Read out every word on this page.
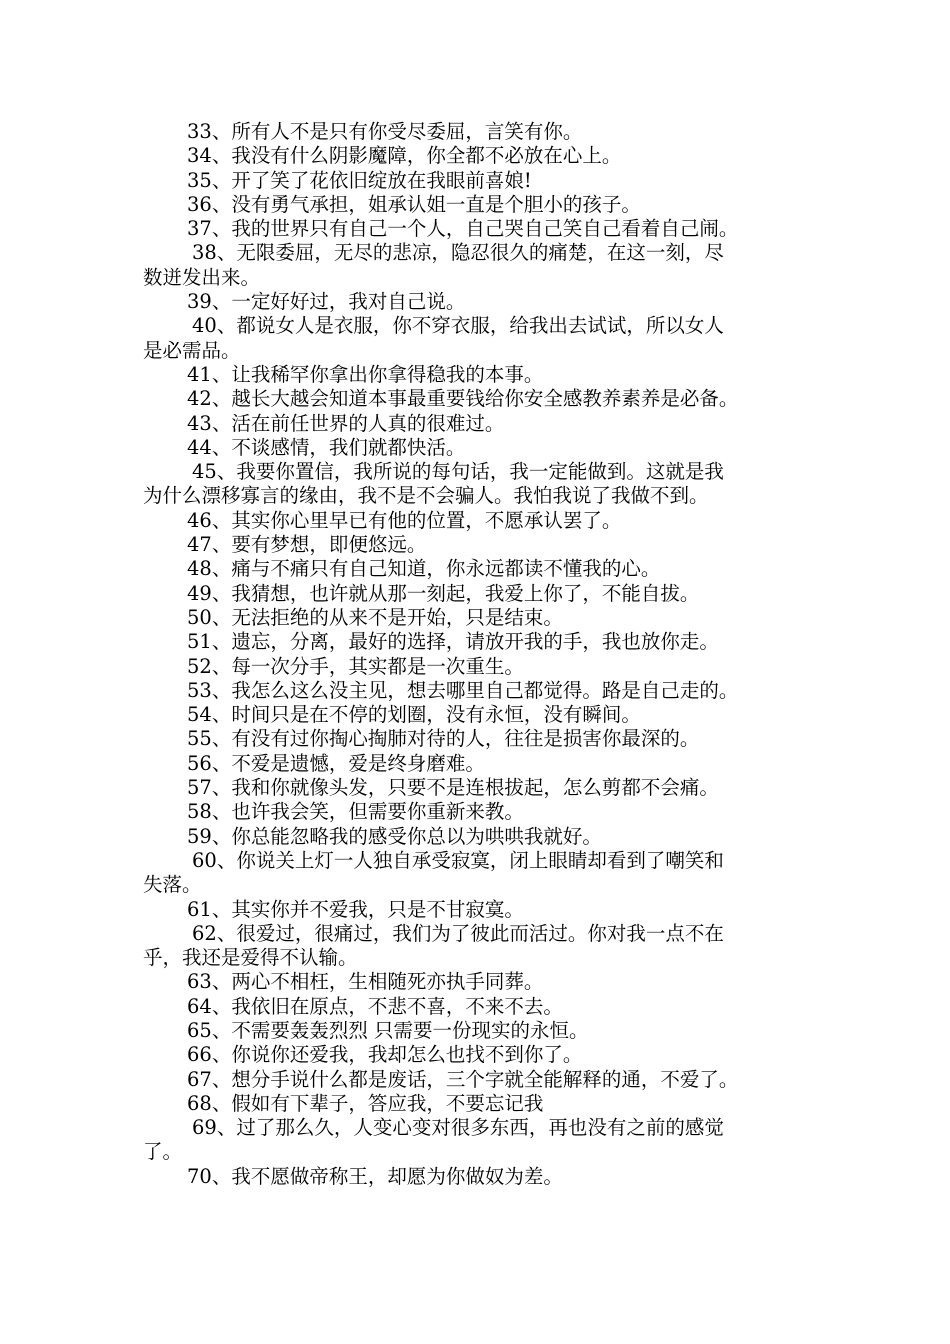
33、所有人不是只有你受尽委屈，言笑有你。
34、我没有什么阴影魔障，你全都不必放在心上。
35、开了笑了花依旧绽放在我眼前喜娘!
36、没有勇气承担，姐承认姐一直是个胆小的孩子。
37、我的世界只有自己一个人，自己哭自己笑自己看着自己闹。
38、无限委屈，无尽的悲凉，隐忍很久的痛楚，在这一刻，尽
数迸发出来。
39、一定好好过，我对自己说。
40、都说女人是衣服，你不穿衣服，给我出去试试，所以女人
是必需品。
41、让我稀罕你拿出你拿得稳我的本事。
42、越长大越会知道本事最重要钱给你安全感教养素养是必备。
43、活在前任世界的人真的很难过。
44、不谈感情，我们就都快活。
45、我要你置信，我所说的每句话，我一定能做到。这就是我
为什么漂移寡言的缘由，我不是不会骗人。我怕我说了我做不到。
46、其实你心里早已有他的位置，不愿承认罢了。
47、要有梦想，即便悠远。
48、痛与不痛只有自己知道，你永远都读不懂我的心。
49、我猜想，也许就从那一刻起，我爱上你了，不能自拔。
50、无法拒绝的从来不是开始，只是结束。
51、遗忘，分离，最好的选择，请放开我的手，我也放你走。
52、每一次分手，其实都是一次重生。
53、我怎么这么没主见，想去哪里自己都觉得。路是自己走的。
54、时间只是在不停的划圈，没有永恒，没有瞬间。
55、有没有过你掏心掏肺对待的人，往往是损害你最深的。
56、不爱是遗憾，爱是终身磨难。
57、我和你就像头发，只要不是连根拔起，怎么剪都不会痛。
58、也许我会笑，但需要你重新来教。
59、你总能忽略我的感受你总以为哄哄我就好。
60、你说关上灯一人独自承受寂寞，闭上眼睛却看到了嘲笑和
失落。
61、其实你并不爱我，只是不甘寂寞。
62、很爱过，很痛过，我们为了彼此而活过。你对我一点不在
乎，我还是爱得不认输。
63、两心不相枉，生相随死亦执手同葬。
64、我依旧在原点，不悲不喜，不来不去。
65、不需要轰轰烈烈 只需要一份现实的永恒。
66、你说你还爱我，我却怎么也找不到你了。
67、想分手说什么都是废话，三个字就全能解释的通，不爱了。
68、假如有下辈子，答应我，不要忘记我
69、过了那么久，人变心变对很多东西，再也没有之前的感觉
了。
70、我不愿做帝称王，却愿为你做奴为差。
